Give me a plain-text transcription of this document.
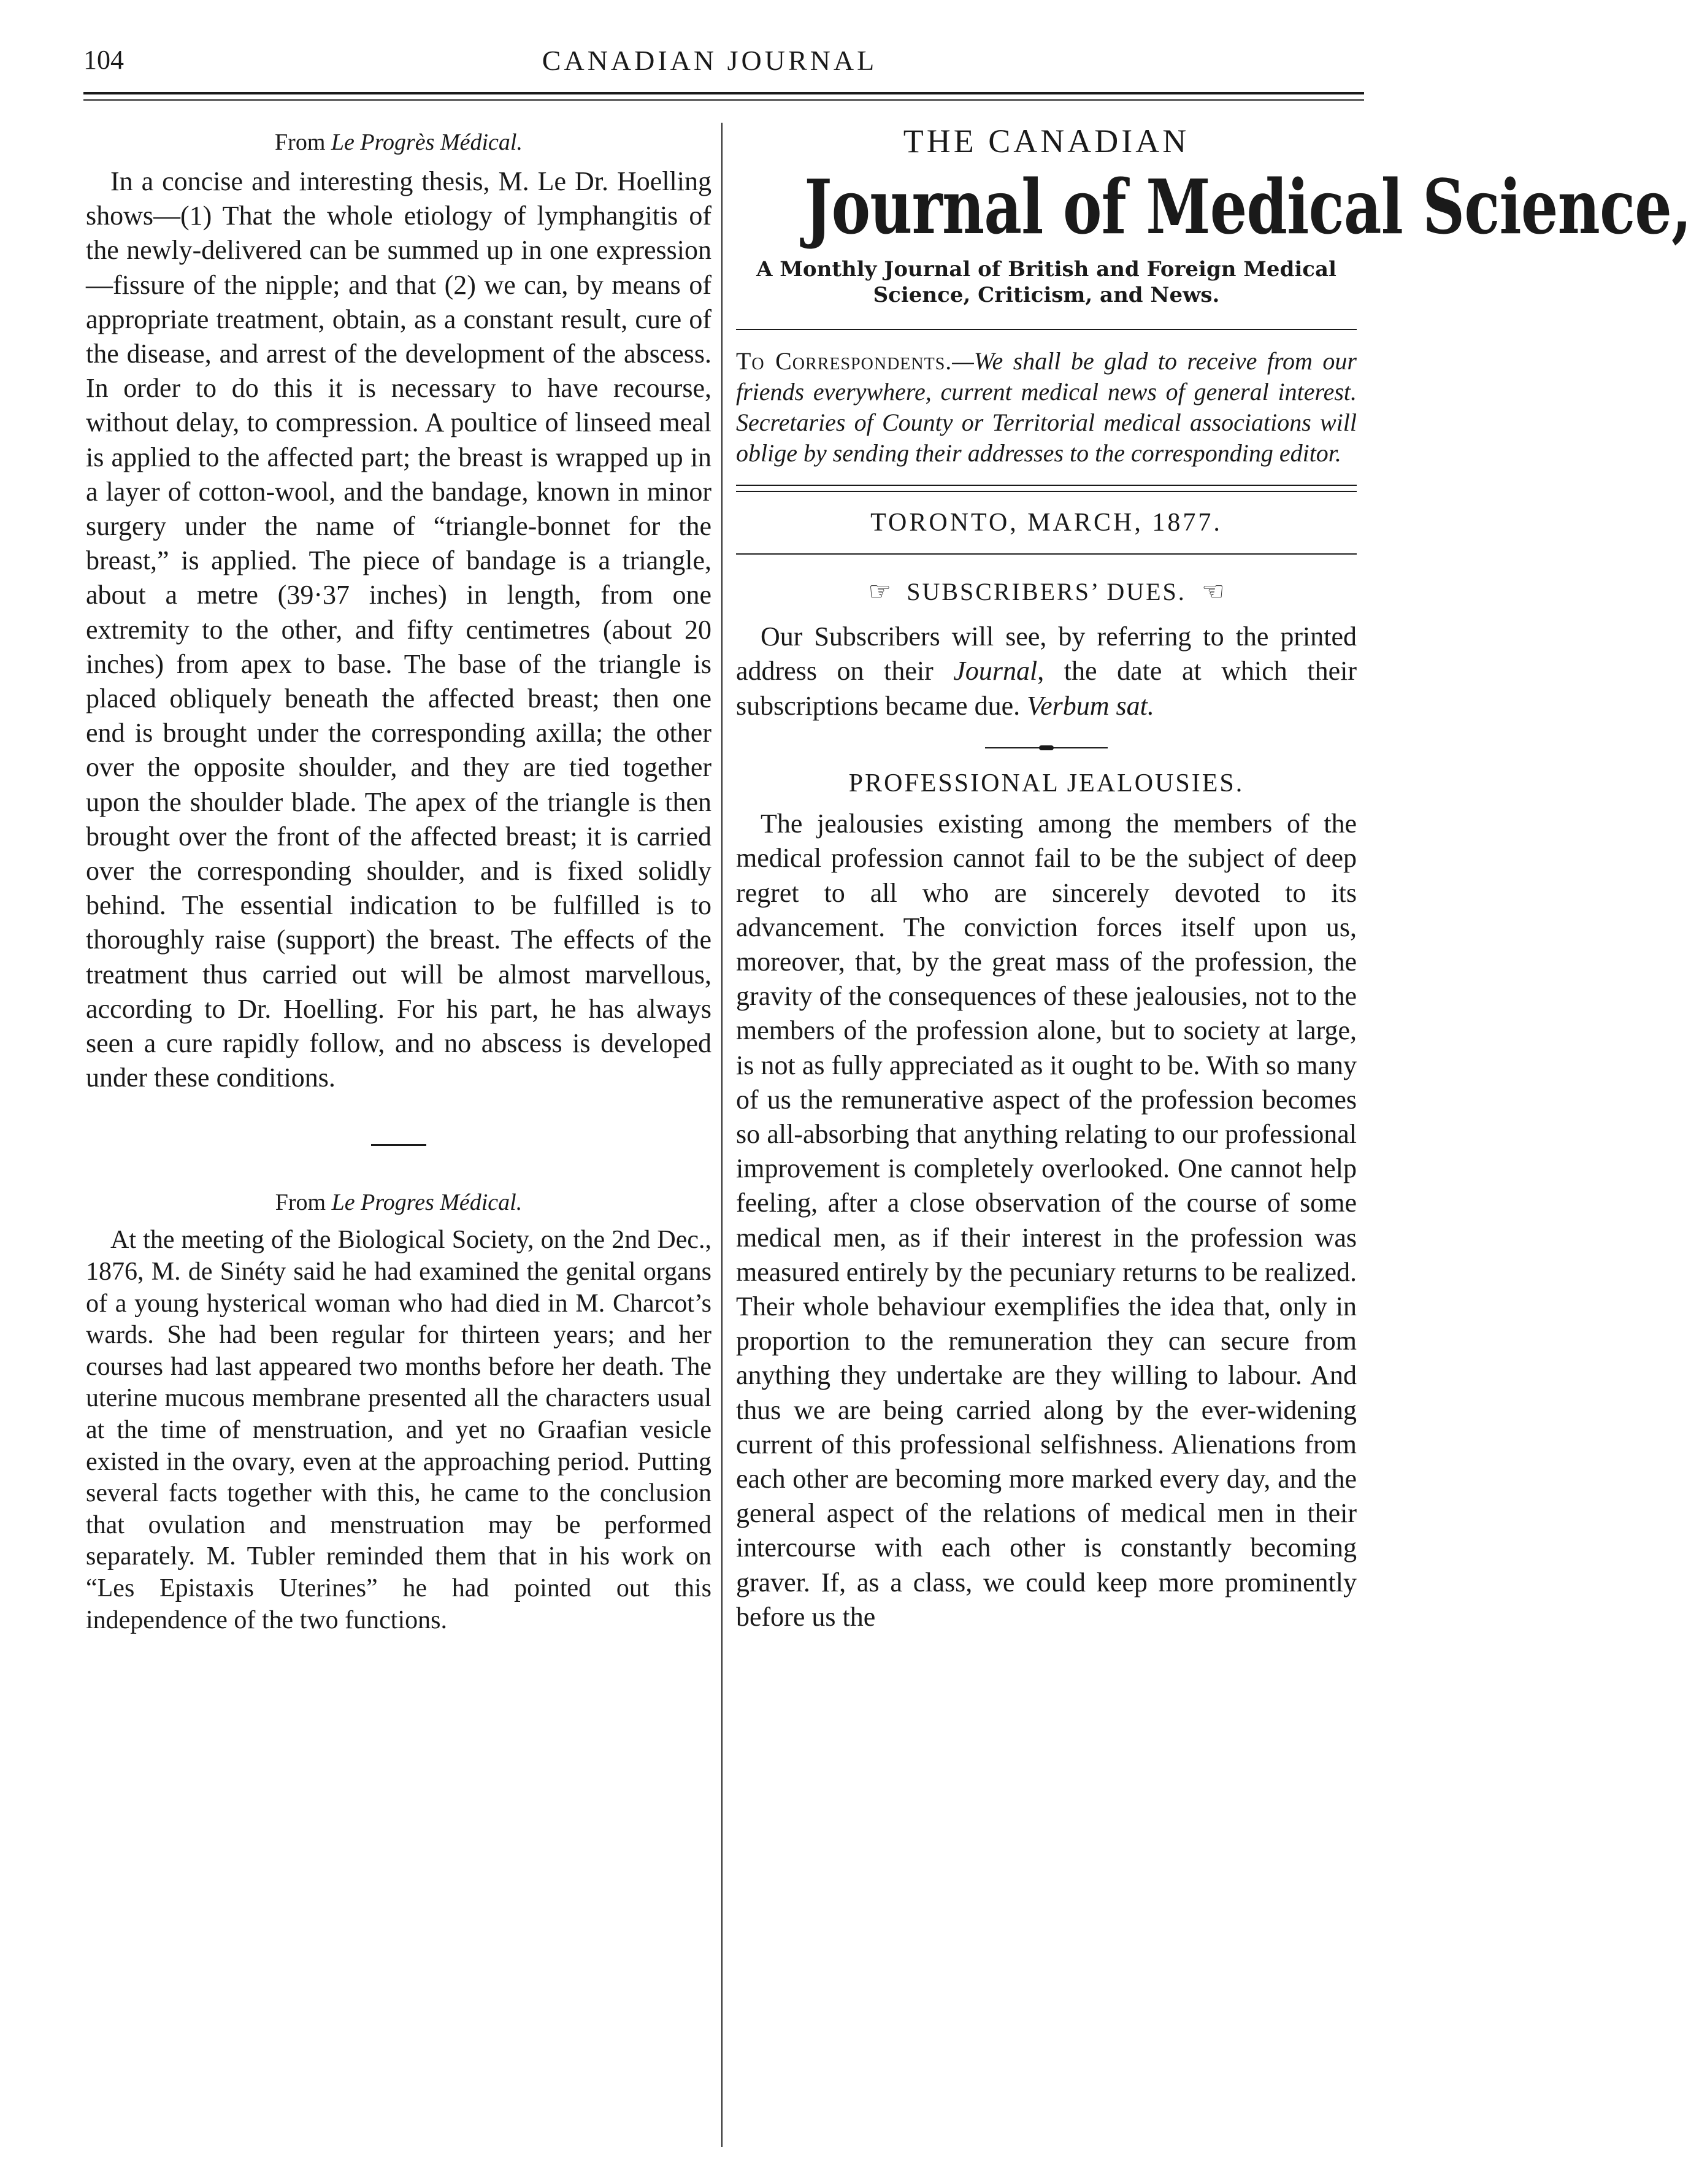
104	CANADIAN JOURNAL
From Le Progrès Médical.

In a concise and interesting thesis, M. Le Dr. Hoelling shows—(1) That the whole etiology of lymphangitis of the newly-delivered can be summed up in one expression—fissure of the nipple; and that (2) we can, by means of appropriate treatment, obtain, as a constant result, cure of the disease, and arrest of the development of the abscess. In order to do this it is necessary to have recourse, without delay, to compression. A poultice of linseed meal is applied to the affected part; the breast is wrapped up in a layer of cotton-wool, and the bandage, known in minor surgery under the name of “triangle-bonnet for the breast,” is applied. The piece of bandage is a triangle, about a metre (39·37 inches) in length, from one extremity to the other, and fifty centimetres (about 20 inches) from apex to base. The base of the triangle is placed obliquely beneath the affected breast; then one end is brought under the corresponding axilla; the other over the opposite shoulder, and they are tied together upon the shoulder blade. The apex of the triangle is then brought over the front of the affected breast; it is carried over the corresponding shoulder, and is fixed solidly behind. The essential indication to be fulfilled is to thoroughly raise (support) the breast. The effects of the treatment thus carried out will be almost marvellous, according to Dr. Hoelling. For his part, he has always seen a cure rapidly follow, and no abscess is developed under these conditions.

From Le Progres Médical.

At the meeting of the Biological Society, on the 2nd Dec., 1876, M. de Sinéty said he had examined the genital organs of a young hysterical woman who had died in M. Charcot’s wards. She had been regular for thirteen years; and her courses had last appeared two months before her death. The uterine mucous membrane presented all the characters usual at the time of menstruation, and yet no Graafian vesicle existed in the ovary, even at the approaching period. Putting several facts together with this, he came to the conclusion that ovulation and menstruation may be performed separately. M. Tubler reminded them that in his work on “Les Epistaxis Uterines” he had pointed out this independence of the two functions.

THE CANADIAN
Journal of Medical Science,
A Monthly Journal of British and Foreign Medical Science, Criticism, and News.
To Correspondents.—We shall be glad to receive from our friends everywhere, current medical news of general interest. Secretaries of County or Territorial medical associations will oblige by sending their addresses to the corresponding editor.
TORONTO, MARCH, 1877.
☞ SUBSCRIBERS’ DUES. ☞
Our Subscribers will see, by referring to the printed address on their Journal, the date at which their subscriptions became due. Verbum sat.
PROFESSIONAL JEALOUSIES.

The jealousies existing among the members of the medical profession cannot fail to be the subject of deep regret to all who are sincerely devoted to its advancement. The conviction forces itself upon us, moreover, that, by the great mass of the profession, the gravity of the consequences of these jealousies, not to the members of the profession alone, but to society at large, is not as fully appreciated as it ought to be. With so many of us the remunerative aspect of the profession becomes so all-absorbing that anything relating to our professional improvement is completely overlooked. One cannot help feeling, after a close observation of the course of some medical men, as if their interest in the profession was measured entirely by the pecuniary returns to be realized. Their whole behaviour exemplifies the idea that, only in proportion to the remuneration they can secure from anything they undertake are they willing to labour. And thus we are being carried along by the ever-widening current of this professional selfishness. Alienations from each other are becoming more marked every day, and the general aspect of the relations of medical men in their intercourse with each other is constantly becoming graver. If, as a class, we could keep more prominently before us the
